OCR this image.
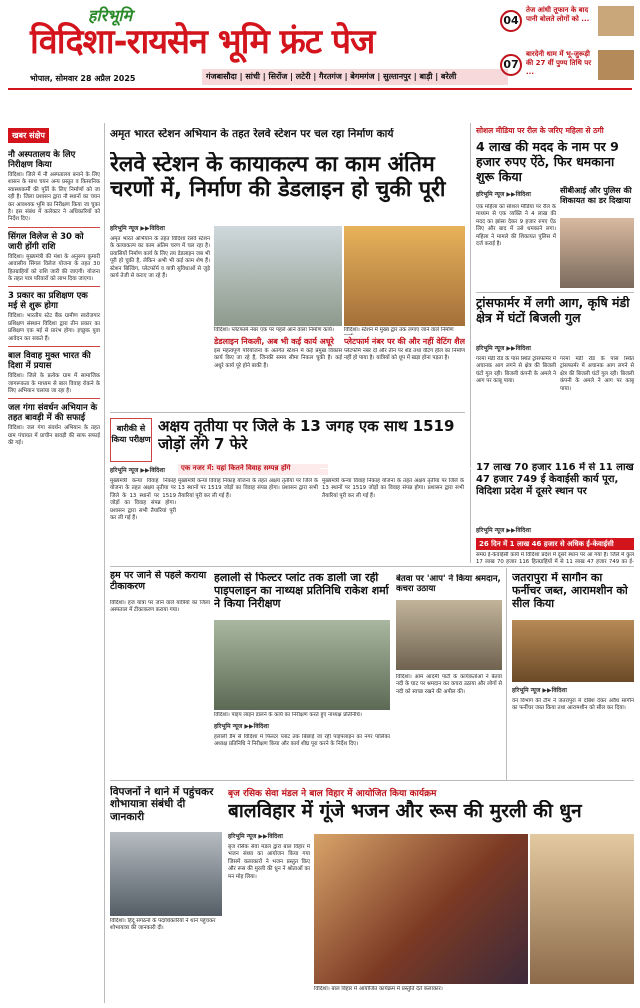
हरिभूमि
विदिशा-रायसेन भूमि फ्रंट पेज
भोपाल, सोमवार 28 अप्रैल 2025	गंजबासौदा | सांची | सिरोंज | लटेरी | गैरतगंज | बेगमगंज | सुल्तानपुर | बाड़ी | बरेली
04
तेज आंधी तूफान के बाद पानी बोलते लोगों को ...
07
बारदेनी धाम में भू-जुरूड़ी की 27 वीं पुण्य तिथि पर ...
खबर संक्षेप
नौ अस्पतालय के लिए निरीक्षण किया
विदिशा। जिले में नौ अस्पतालय बनाने के लिए शासन के साथ चयन अन्य प्रस्तुत व किसानिक स्वास्थ्यकर्मी की पूर्ति के लिए निर्माणों को जा रही है। जिला प्रशासन द्वारा नौ स्थानों का चयन कर आवश्यक भूमि का निरीक्षण किया जा चुका है। इस संबंध में कलेक्टर ने अधिकारियों को निर्देश दिए।
सिंगल विलेज से 30 को जारी होंगी राशि
विदिशा। मुख्यमंत्री की मंशा के अनुरूप कुमारी आवासीय सिंगल विलेज योजना के तहत 30 हितग्राहियों को राशि जारी की जाएगी। योजना के तहत पात्र परिवारों को लाभ दिया जाएगा।
3 प्रकार का प्रशिक्षण एक मई से शुरू होगा
विदिशा। भारतीय स्टेट बैंक ग्रामीण स्वरोजगार प्रशिक्षण संस्थान विदिशा द्वारा तीन प्रकार का प्रशिक्षण एक मई से प्रारंभ होगा। इच्छुक युवा आवेदन कर सकते हैं।
बाल विवाह मुक्त भारत की दिशा में प्रयास
विदिशा। जिले के प्रत्येक ग्राम में सामाजिक जागरूकता के माध्यम से बाल विवाह रोकने के लिए अभियान चलाया जा रहा है।
जल गंगा संवर्धन अभियान के तहत बावड़ी में की सफाई
विदिशा। जल गंगा संवर्धन अभियान के तहत ग्राम पंचायत में प्राचीन बावड़ी की साफ सफाई की गई।
अमृत भारत स्टेशन अभियान के तहत रेलवे स्टेशन पर चल रहा निर्माण कार्य
रेलवे स्टेशन के कायाकल्प का काम अंतिम चरणों में, निर्माण की डेडलाइन हो चुकी पूरी
हरिभूमि न्यूज ▶▶विदिशा
अमृत भारत अभियान के तहत विदिशा रेलवे स्टेशन के कायाकल्प का काम अंतिम चरण में चल रहा है। प्रवासियों निर्माण कार्य के लिए तय डेडलाइन जब भी पूरी हो चुकी है, लेकिन अभी भी कई काम शेष हैं। स्टेशन बिल्डिंग, प्लेटफॉर्म व यात्री सुविधाओं से जुड़े कार्य तेजी से कराए जा रहे हैं।
विदिशा। प्लेटफार्म नंबर एक पर पहले आने वाला निर्माण कार्य।	विदिशा। स्टेशन में मुख्य द्वार तक लगाए जाने वाले निर्माण
डेडलाइन निकली, अब भी कई कार्य अधूरे
इस महत्वपूर्ण परियोजना के अंतर्गत स्टेशन में कई प्रमुख विकास कार्य किए जा रहे हैं, जिनकी समय सीमा निकल चुकी है। कई अधूरे कार्य पूरे होने बाकी हैं।
प्लेटफार्म नंबर पर की और नहीं वेटिंग शैल
प्लेटफॉर्म नंबर दो और तीन पर शेड तथा वेटिंग हॉल का निर्माण नहीं हो पाया है। यात्रियों को धूप में खड़ा होना पड़ता है।
सोशल मीडिया पर रील के जरिए महिला से ठगी
4 लाख की मदद के नाम पर 9 हजार रुपए ऐंठे, फिर धमकाना शुरू किया
सीबीआई और पुलिस की शिकायत का डर दिखाया
हरिभूमि न्यूज ▶▶विदिशा
एक महिला को सोशल मीडिया पर रील के माध्यम से एक व्यक्ति ने 4 लाख की मदद का झांसा देकर 9 हजार रुपए ऐंठ लिए और बाद में उसे धमकाने लगा। महिला ने मामले की शिकायत पुलिस में दर्ज कराई है।
ट्रांसफार्मर में लगी आग, कृषि मंडी क्षेत्र में घंटों बिजली गुल
हरिभूमि न्यूज ▶▶विदिशा
गरमा मंडी रोड के पास स्थित ट्रांसफार्मर में अचानक आग लगने से क्षेत्र की बिजली घंटों गुल रही। बिजली कंपनी के अमले ने आग पर काबू पाया।
गरमा मंडी रोड के पास स्थित ट्रांसफार्मर में अचानक आग लगने से क्षेत्र की बिजली घंटों गुल रही। बिजली कंपनी के अमले ने आग पर काबू पाया।
बारीकी से किया परीक्षण
अक्षय तृतीया पर जिले के 13 जगह एक साथ 1519 जोड़ों लेंगे 7 फेरे
हरिभूमि न्यूज ▶▶विदिशा	एक नजर में: यहां कितने विवाह सम्पन्न होंगे
मुख्यमंत्री कन्या विवाह निकाह योजना के तहत अक्षय तृतीया पर जिले के 13 स्थानों पर 1519 जोड़ों का विवाह संपन्न होगा। प्रशासन द्वारा सभी तैयारियां पूरी कर ली गई हैं।
मुख्यमंत्री कन्या विवाह निकाह योजना के तहत अक्षय तृतीया पर जिले के 13 स्थानों पर 1519 जोड़ों का विवाह संपन्न होगा। प्रशासन द्वारा सभी तैयारियां पूरी कर ली गई हैं।
मुख्यमंत्री कन्या विवाह निकाह योजना के तहत अक्षय तृतीया पर जिले के 13 स्थानों पर 1519 जोड़ों का विवाह संपन्न होगा। प्रशासन द्वारा सभी तैयारियां पूरी कर ली गई हैं।
हम पर जाने से पहले कराया टीकाकरण
विदिशा। हज यात्रा पर जाने वाले यात्रियों का जिला अस्पताल में टीकाकरण कराया गया।
हलाली से फिल्टर प्लांट तक डाली जा रही पाइपलाइन का नाथ्यक्ष प्रतिनिधि राकेश शर्मा ने किया निरीक्षण
विदिशा। पाइप लाइन डालने के कार्य का निरीक्षण करते हुए नाथ्यक्ष प्रतिनिधि।
हरिभूमि न्यूज ▶▶विदिशा
हलाली डैम से विदिशा में फिल्टर प्लांट तक बिछाई जा रही पाइपलाइन का नगर पालिका अध्यक्ष प्रतिनिधि ने निरीक्षण किया और कार्य शीघ्र पूरा करने के निर्देश दिए।
बेतवा पर 'आप' ने किया श्रमदान, कचरा उठाया
विदिशा। आम आदमी पार्टी के कार्यकर्ताओं ने बेतवा नदी के घाट पर श्रमदान कर कचरा उठाया और लोगों से नदी को स्वच्छ रखने की अपील की।
जतरापुरा में सागौन का फर्नीचर जब्त, आरामशीन को सील किया
हरिभूमि न्यूज ▶▶विदिशा
वन विभाग की टीम ने जतरापुरा में दबिश देकर अवैध सागौन का फर्नीचर जब्त किया तथा आरामशीन को सील कर दिया।
विपजनों ने थाने में पहुंचकर शोभायात्रा संबंधी दी जानकारी
विदिशा। हिंदू संगठनों के पदाधिकारियों ने थाने पहुंचकर शोभायात्रा की जानकारी दी।
बृज रसिक सेवा मंडल ने बाल विहार में आयोजित किया कार्यक्रम
बालविहार में गूंजे भजन और रूस की मुरली की धुन
हरिभूमि न्यूज ▶▶विदिशा
बृज रसिक सेवा मंडल द्वारा बाल विहार में भजन संध्या का आयोजन किया गया जिसमें कलाकारों ने भजन प्रस्तुत किए और रूस की मुरली की धुन ने श्रोताओं का मन मोह लिया।
विदिशा। बाल विहार में आयोजित कार्यक्रम में प्रस्तुति देते कलाकार।
17 लाख 70 हजार 116 में से 11 लाख 47 हजार 749 ई केवाईसी कार्य पूरा, विदिशा प्रदेश में दूसरे स्थान पर
हरिभूमि न्यूज ▶▶विदिशा
26 दिन में 1 लाख 46 हजार से अधिक ई-केवाईसी
समग्र ई-केवाईसी कार्य में विदिशा प्रदेश में दूसरे स्थान पर आ गया है। जिले में कुल 17 लाख 70 हजार 116 हितग्राहियों में से 11 लाख 47 हजार 749 का ई-
